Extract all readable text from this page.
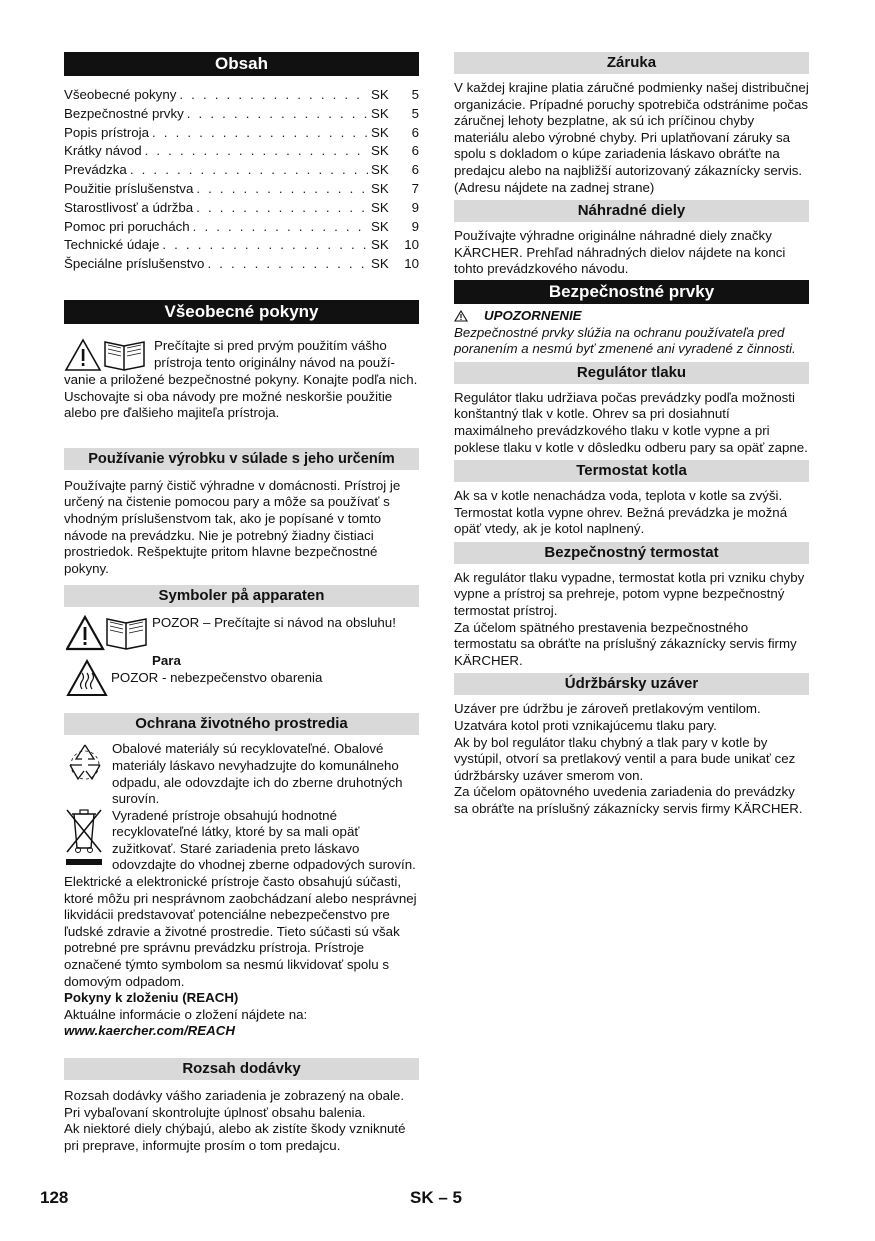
Obsah
Všeobecné pokyny . . .	SK	5
Bezpečnostné prvky . . .	SK	5
Popis prístroja . . .	SK	6
Krátky návod . . .	SK	6
Prevádzka . . .	SK	6
Použitie príslušenstva . . .	SK	7
Starostlivosť a údržba . . .	SK	9
Pomoc pri poruchách . . .	SK	9
Technické údaje . . .	SK	10
Špeciálne príslušenstvo . . .	SK	10
Všeobecné pokyny

Prečítajte si pred prvým použitím vášho

prístroja tento originálny návod na použí-

vanie a priložené bezpečnostné pokyny. Konajte podľa nich. Uschovajte si oba návody pre možné neskoršie použitie alebo pre ďalšieho majiteľa prístroja.

Používanie výrobku v súlade s jeho určením

Používajte parný čistič výhradne v domácnosti. Prístroj je určený na čistenie pomocou pary a môže sa používať s vhodným príslušenstvom tak, ako je popísané v tomto návode na prevádzku. Nie je potrebný žiadny čistiaci prostriedok. Rešpektujte pritom hlavne bezpečnostné pokyny.

Symboler på apparaten

POZOR – Prečítajte si návod na obsluhu!

Para

POZOR - nebezpečenstvo obarenia

Ochrana životného prostredia

Obalové materiály sú recyklovateľné. Obalové materiály láskavo nevyhadzujte do komunálneho odpadu, ale odovzdajte ich do zberne druhotných surovín.

Vyradené prístroje obsahujú hodnotné recyklovateľné látky, ktoré by sa mali opäť zužitkovať. Staré zariadenia preto láskavo odovzdajte do vhodnej zberne odpadových surovín.

Elektrické a elektronické prístroje často obsahujú súčasti, ktoré môžu pri nesprávnom zaobchádzaní alebo nesprávnej likvidácii predstavovať potenciálne nebezpečenstvo pre ľudské zdravie a životné prostredie. Tieto súčasti sú však potrebné pre správnu prevádzku prístroja. Prístroje označené týmto symbolom sa nesmú likvidovať spolu s domovým odpadom.

Pokyny k zloženiu (REACH)

Aktuálne informácie o zložení nájdete na:

www.kaercher.com/REACH

Rozsah dodávky

Rozsah dodávky vášho zariadenia je zobrazený na obale. Pri vybaľovaní skontrolujte úplnosť obsahu balenia.

Ak niektoré diely chýbajú, alebo ak zistíte škody vzniknuté pri preprave, informujte prosím o tom predajcu.

Záruka

V každej krajine platia záručné podmienky našej distribučnej organizácie. Prípadné poruchy spotrebiča odstránime počas záručnej lehoty bezplatne, ak sú ich príčinou chyby materiálu alebo výrobné chyby. Pri uplatňovaní záruky sa spolu s dokladom o kúpe zariadenia láskavo obráťte na predajcu alebo na najbližší autorizovaný zákaznícky servis.

(Adresu nájdete na zadnej strane)

Náhradné diely

Používajte výhradne originálne náhradné diely značky KÄRCHER. Prehľad náhradných dielov nájdete na konci tohto prevádzkového návodu.

Bezpečnostné prvky

UPOZORNENIE

Bezpečnostné prvky slúžia na ochranu používateľa pred poranením a nesmú byť zmenené ani vyradené z činnosti.

Regulátor tlaku

Regulátor tlaku udržiava počas prevádzky podľa možnosti konštantný tlak v kotle. Ohrev sa pri dosiahnutí maximálneho prevádzkového tlaku v kotle vypne a pri poklese tlaku v kotle v dôsledku odberu pary sa opäť zapne.

Termostat kotla

Ak sa v kotle nenachádza voda, teplota v kotle sa zvýši. Termostat kotla vypne ohrev. Bežná prevádzka je možná opäť vtedy, ak je kotol naplnený.

Bezpečnostný termostat

Ak regulátor tlaku vypadne, termostat kotla pri vzniku chyby vypne a prístroj sa prehreje, potom vypne bezpečnostný termostat prístroj.

Za účelom spätného prestavenia bezpečnostného termostatu sa obráťte na príslušný zákaznícky servis firmy KÄRCHER.

Údržbársky uzáver

Uzáver pre údržbu je zároveň pretlakovým ventilom. Uzatvára kotol proti vznikajúcemu tlaku pary.

Ak by bol regulátor tlaku chybný a tlak pary v kotle by vystúpil, otvorí sa pretlakový ventil a para bude unikať cez údržbársky uzáver smerom von.

Za účelom opätovného uvedenia zariadenia do prevádzky sa obráťte na príslušný zákaznícky servis firmy KÄRCHER.

128	SK – 5
